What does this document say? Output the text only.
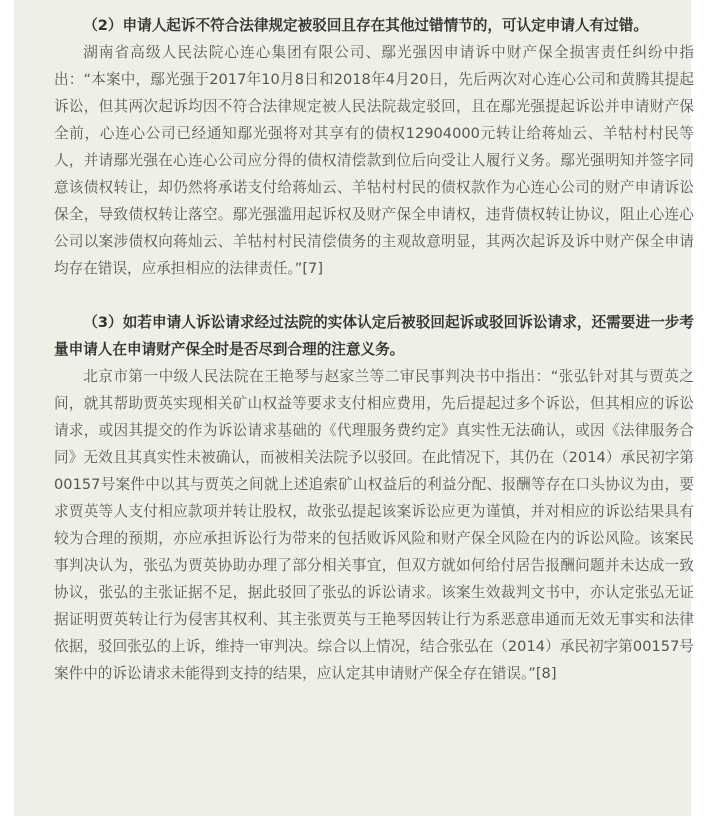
（2）申请人起诉不符合法律规定被驳回且存在其他过错情节的，可认定申请人有过错。

湖南省高级人民法院心连心集团有限公司、鄢光强因申请诉中财产保全损害责任纠纷中指出：“本案中，鄢光强于2017年10月8日和2018年4月20日，先后两次对心连心公司和黄腾其提起诉讼，但其两次起诉均因不符合法律规定被人民法院裁定驳回，且在鄢光强提起诉讼并申请财产保全前，心连心公司已经通知鄢光强将对其享有的债权12904000元转让给蒋灿云、羊牯村村民等人，并请鄢光强在心连心公司应分得的债权清偿款到位后向受让人履行义务。鄢光强明知并签字同意该债权转让，却仍然将承诺支付给蒋灿云、羊牯村村民的债权款作为心连心公司的财产申请诉讼保全，导致债权转让落空。鄢光强滥用起诉权及财产保全申请权，违背债权转让协议，阻止心连心公司以案涉债权向蒋灿云、羊牯村村民清偿债务的主观故意明显，其两次起诉及诉中财产保全申请均存在错误，应承担相应的法律责任。”[7]

（3）如若申请人诉讼请求经过法院的实体认定后被驳回起诉或驳回诉讼请求，还需要进一步考量申请人在申请财产保全时是否尽到合理的注意义务。

北京市第一中级人民法院在王艳琴与赵家兰等二审民事判决书中指出：“张弘针对其与贾英之间，就其帮助贾英实现相关矿山权益等要求支付相应费用，先后提起过多个诉讼，但其相应的诉讼请求，或因其提交的作为诉讼请求基础的《代理服务费约定》真实性无法确认，或因《法律服务合同》无效且其真实性未被确认，而被相关法院予以驳回。在此情况下，其仍在（2014）承民初字第00157号案件中以其与贾英之间就上述追索矿山权益后的利益分配、报酬等存在口头协议为由，要求贾英等人支付相应款项并转让股权，故张弘提起该案诉讼应更为谨慎，并对相应的诉讼结果具有较为合理的预期，亦应承担诉讼行为带来的包括败诉风险和财产保全风险在内的诉讼风险。该案民事判决认为，张弘为贾英协助办理了部分相关事宜，但双方就如何给付居告报酬问题并未达成一致协议，张弘的主张证据不足，据此驳回了张弘的诉讼请求。该案生效裁判文书中，亦认定张弘无证据证明贾英转让行为侵害其权利、其主张贾英与王艳琴因转让行为系恶意串通而无效无事实和法律依据，驳回张弘的上诉，维持一审判决。综合以上情况，结合张弘在（2014）承民初字第00157号案件中的诉讼请求未能得到支持的结果，应认定其申请财产保全存在错误。”[8]
